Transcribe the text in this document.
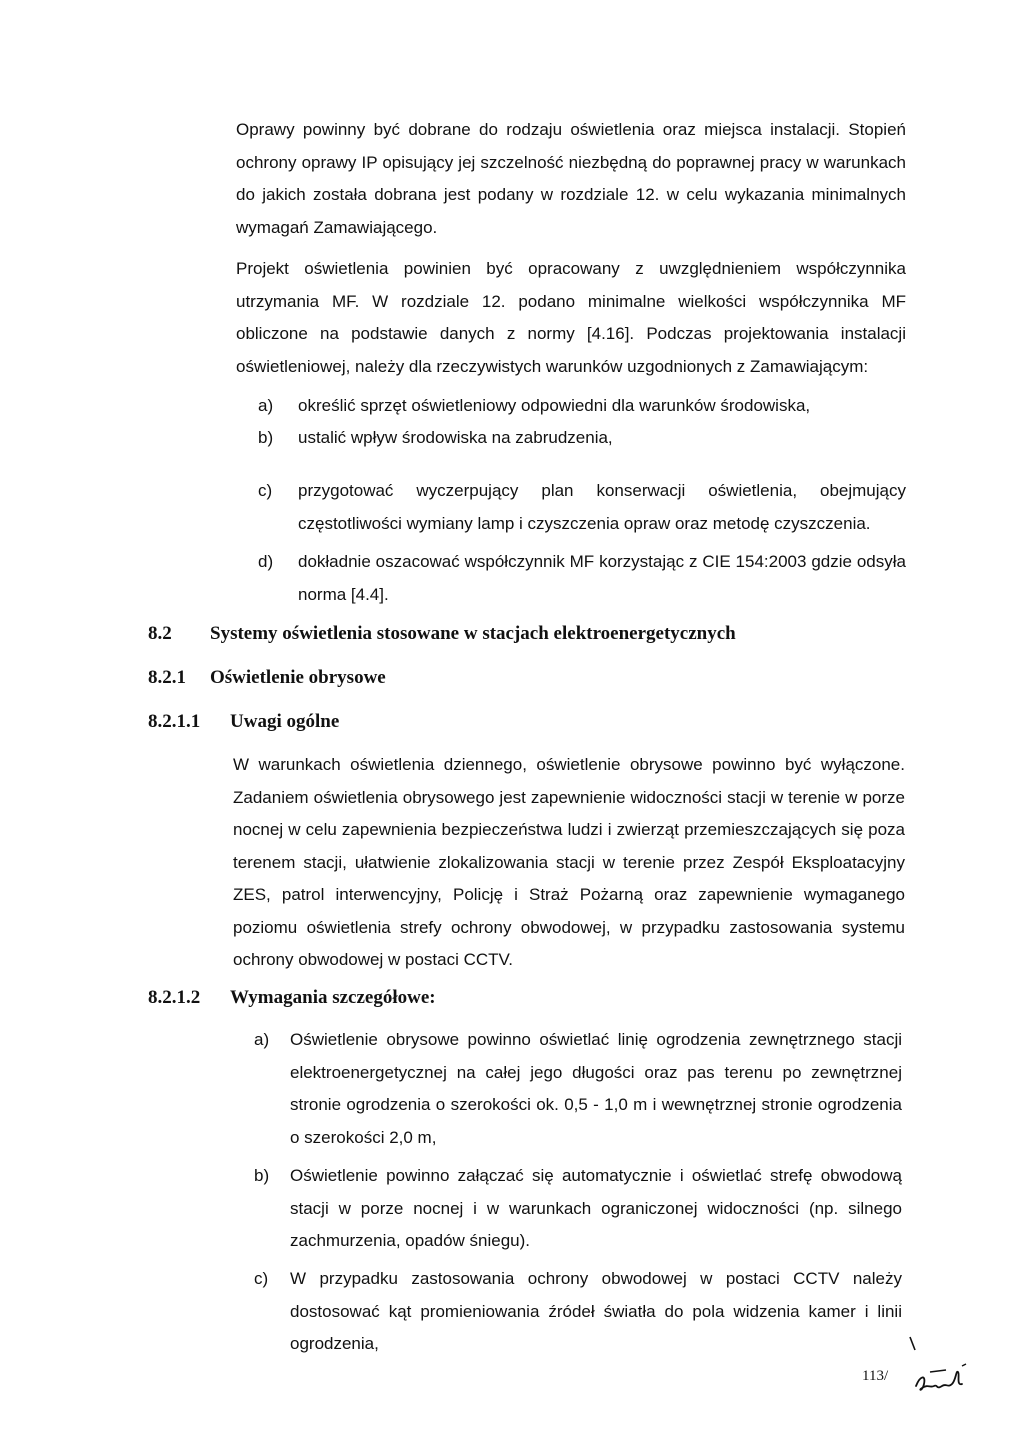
Oprawy powinny być dobrane do rodzaju oświetlenia oraz miejsca instalacji. Stopień ochrony oprawy IP opisujący jej szczelność niezbędną do poprawnej pracy w warunkach do jakich została dobrana jest podany w rozdziale 12. w celu wykazania minimalnych wymagań Zamawiającego.

Projekt oświetlenia powinien być opracowany z uwzględnieniem współczynnika utrzymania MF. W rozdziale 12. podano minimalne wielkości współczynnika MF obliczone na podstawie danych z normy [4.16]. Podczas projektowania instalacji oświetleniowej, należy dla rzeczywistych warunków uzgodnionych z Zamawiającym:

a) określić sprzęt oświetleniowy odpowiedni dla warunków środowiska,
b) ustalić wpływ środowiska na zabrudzenia,
c) przygotować wyczerpujący plan konserwacji oświetlenia, obejmujący częstotliwości wymiany lamp i czyszczenia opraw oraz metodę czyszczenia.
d) dokładnie oszacować współczynnik MF korzystając z CIE 154:2003 gdzie odsyła norma [4.4].
8.2 Systemy oświetlenia stosowane w stacjach elektroenergetycznych
8.2.1 Oświetlenie obrysowe
8.2.1.1 Uwagi ogólne

W warunkach oświetlenia dziennego, oświetlenie obrysowe powinno być wyłączone. Zadaniem oświetlenia obrysowego jest zapewnienie widoczności stacji w terenie w porze nocnej w celu zapewnienia bezpieczeństwa ludzi i zwierząt przemieszczających się poza terenem stacji, ułatwienie zlokalizowania stacji w terenie przez Zespół Eksploatacyjny ZES, patrol interwencyjny, Policję i Straż Pożarną oraz zapewnienie wymaganego poziomu oświetlenia strefy ochrony obwodowej, w przypadku zastosowania systemu ochrony obwodowej w postaci CCTV.

8.2.1.2 Wymagania szczegółowe:
a) Oświetlenie obrysowe powinno oświetlać linię ogrodzenia zewnętrznego stacji elektroenergetycznej na całej jego długości oraz pas terenu po zewnętrznej stronie ogrodzenia o szerokości ok. 0,5 - 1,0 m i wewnętrznej stronie ogrodzenia o szerokości 2,0 m,
b) Oświetlenie powinno załączać się automatycznie i oświetlać strefę obwodową stacji w porze nocnej i w warunkach ograniczonej widoczności (np. silnego zachmurzenia, opadów śniegu).
c) W przypadku zastosowania ochrony obwodowej w postaci CCTV należy dostosować kąt promieniowania źródeł światła do pola widzenia kamer i linii ogrodzenia,
113/
